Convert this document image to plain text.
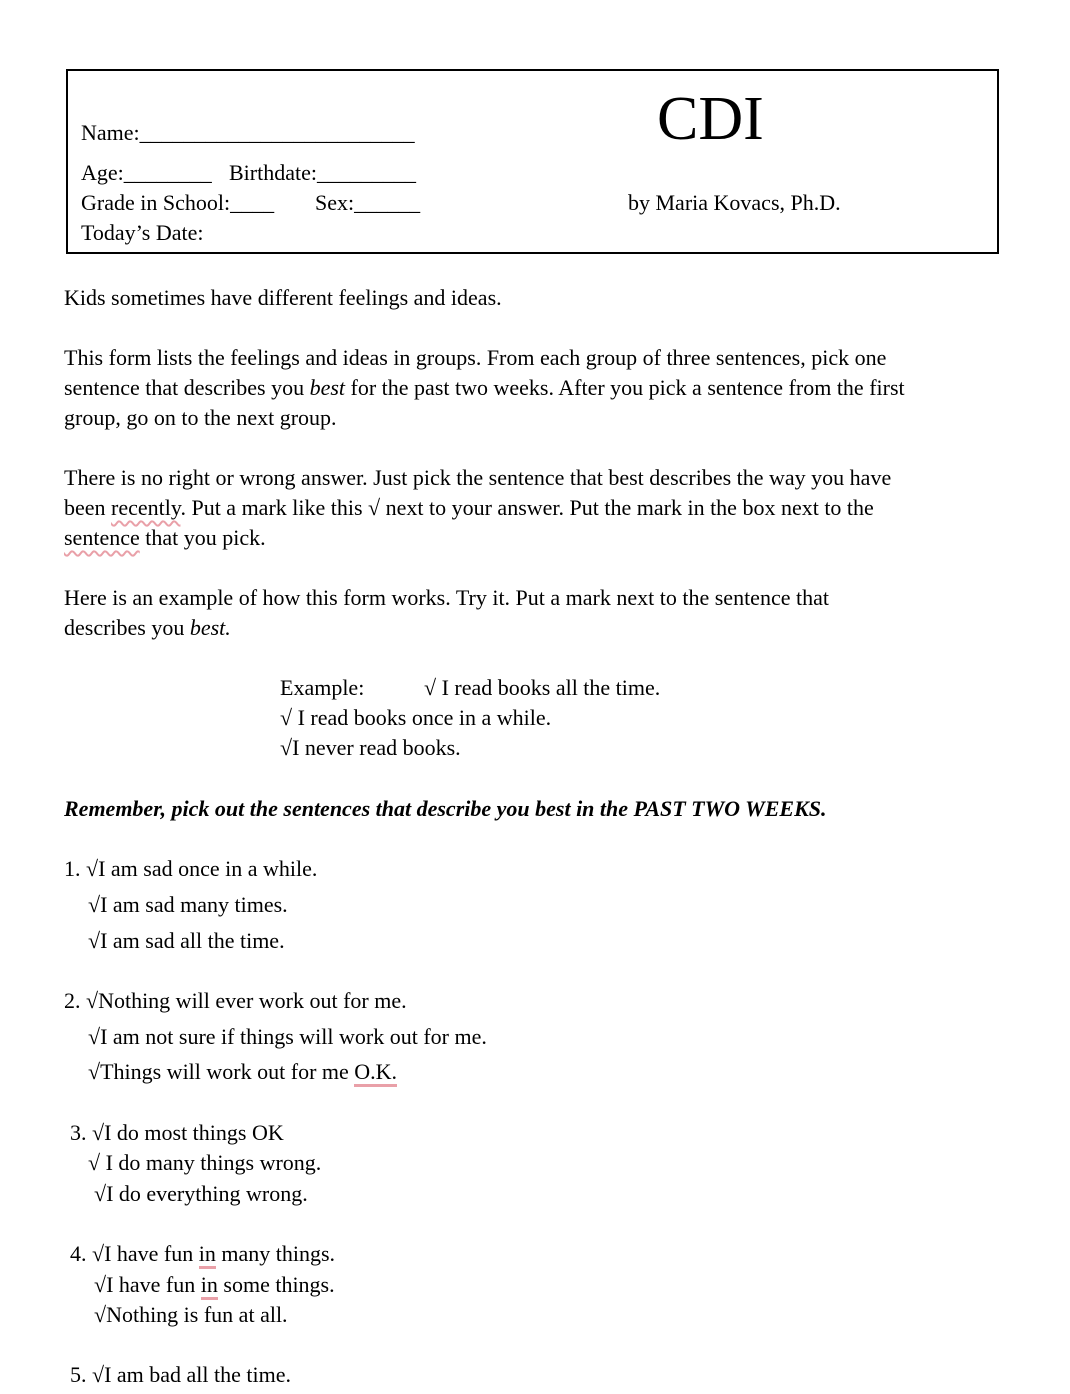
Name:_________________________
Age:________ Birthdate:_________
Grade in School:____ Sex:______
Today’s Date:
CDI
by Maria Kovacs, Ph.D.
Kids sometimes have different feelings and ideas.
This form lists the feelings and ideas in groups. From each group of three sentences, pick one
sentence that describes you best for the past two weeks. After you pick a sentence from the first
group, go on to the next group.
There is no right or wrong answer. Just pick the sentence that best describes the way you have
been recently. Put a mark like this √ next to your answer. Put the mark in the box next to the
sentence that you pick.
Here is an example of how this form works. Try it. Put a mark next to the sentence that
describes you best.
Example:	√ I read books all the time.
√ I read books once in a while.
√I never read books.
Remember, pick out the sentences that describe you best in the PAST TWO WEEKS.
1. √I am sad once in a while.
√I am sad many times.
√I am sad all the time.
2. √Nothing will ever work out for me.
√I am not sure if things will work out for me.
√Things will work out for me O.K.
3. √I do most things OK
√ I do many things wrong.
√I do everything wrong.
4. √I have fun in many things.
√I have fun in some things.
√Nothing is fun at all.
5. √I am bad all the time.
